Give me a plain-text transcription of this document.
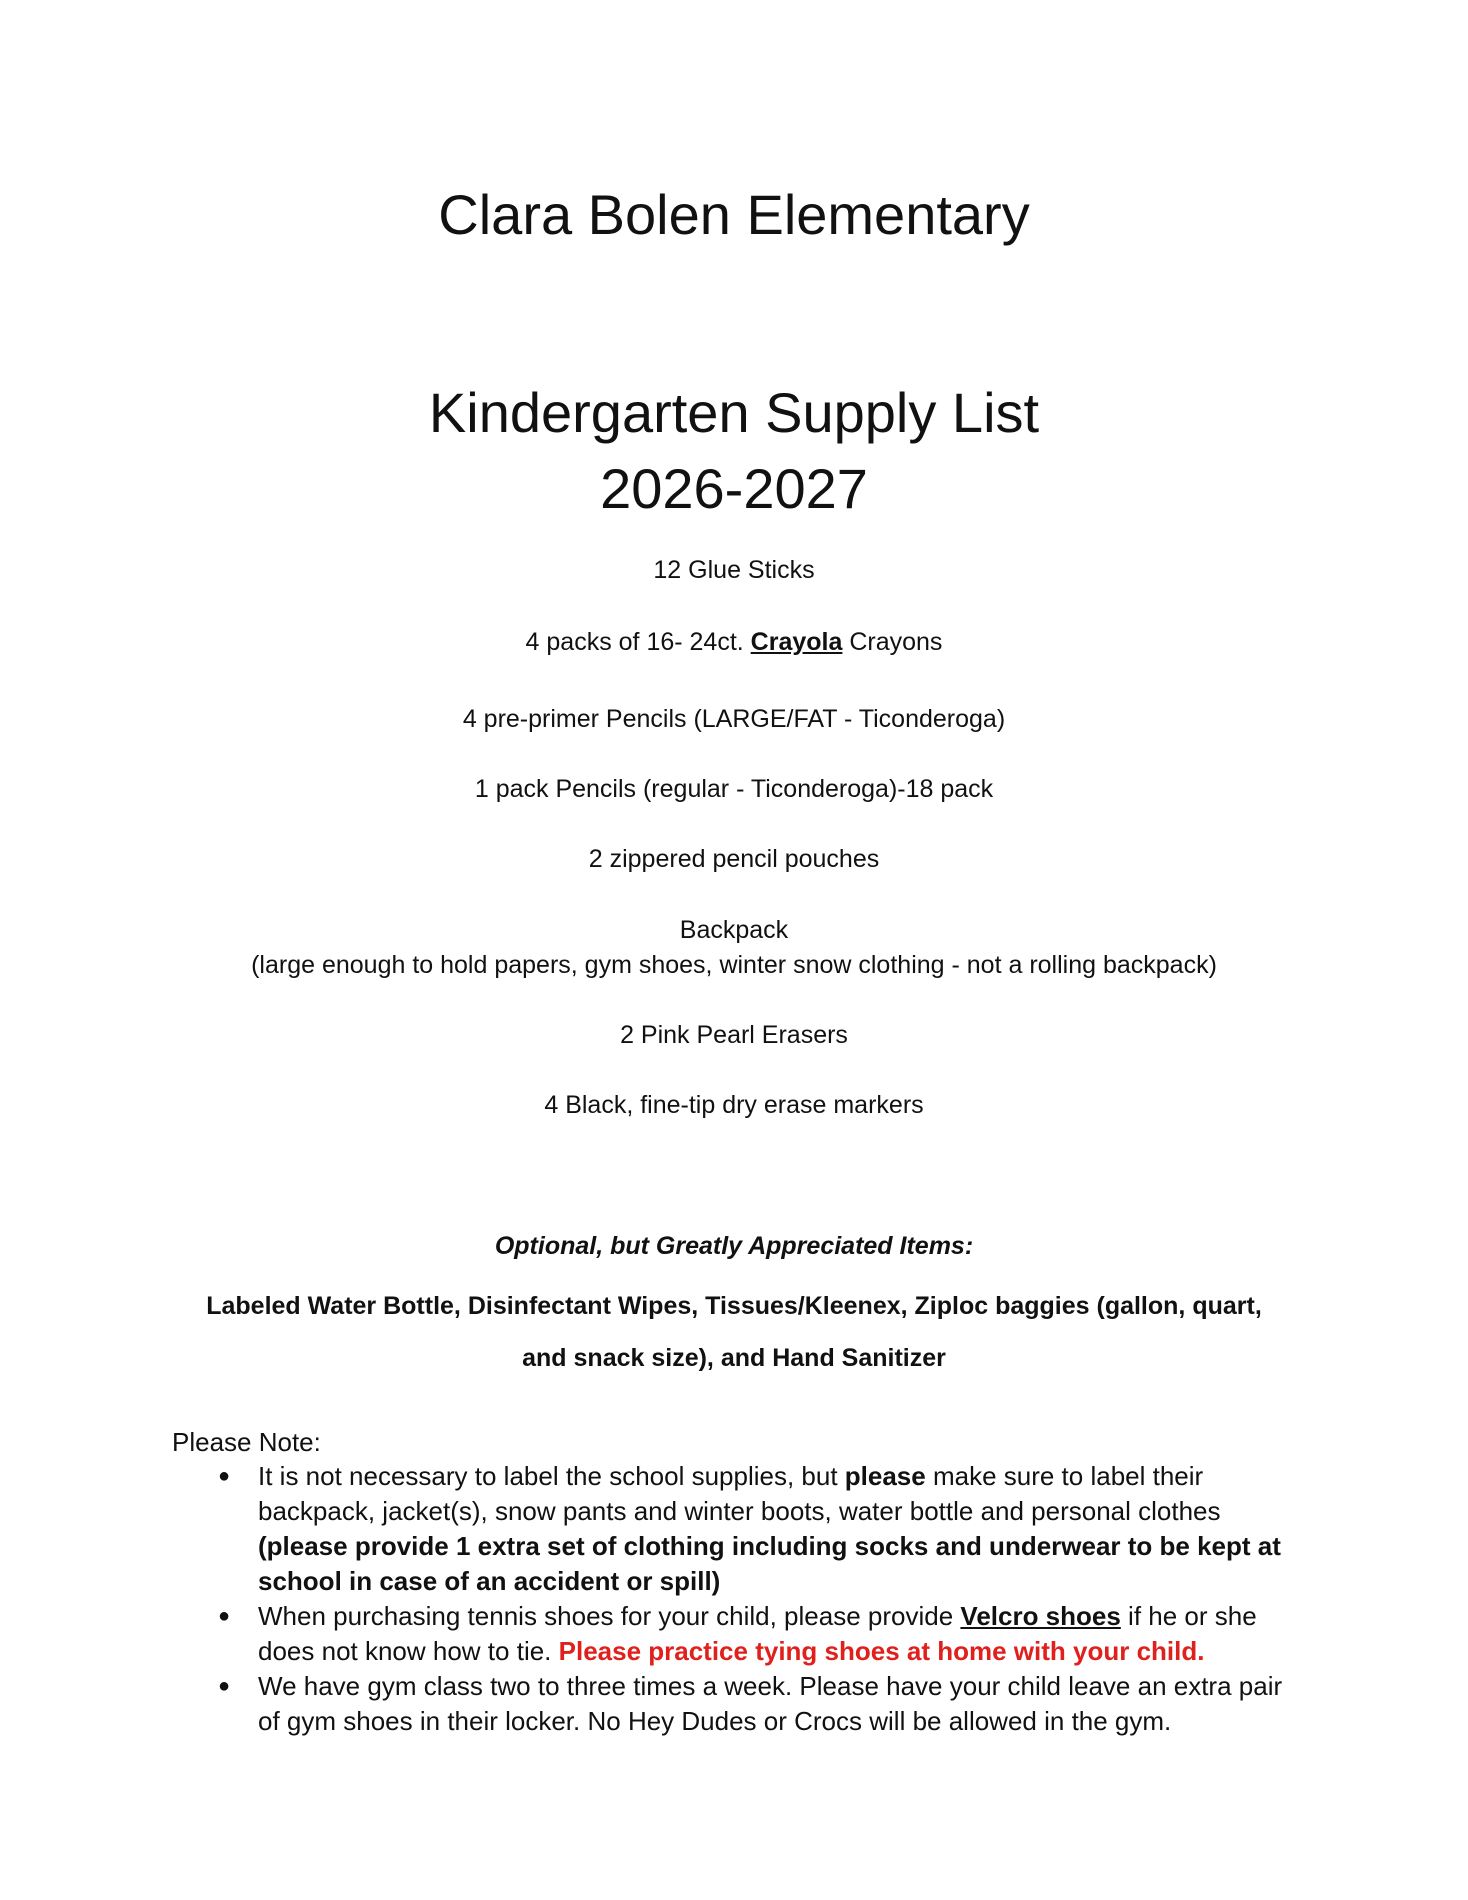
Clara Bolen Elementary
Kindergarten Supply List
2026-2027
12 Glue Sticks
4 packs of 16- 24ct. Crayola Crayons
4 pre-primer Pencils (LARGE/FAT - Ticonderoga)
1 pack Pencils (regular - Ticonderoga)-18 pack
2 zippered pencil pouches
Backpack
(large enough to hold papers, gym shoes, winter snow clothing - not a rolling backpack)
2 Pink Pearl Erasers
4 Black, fine-tip dry erase markers
Optional, but Greatly Appreciated Items:
Labeled Water Bottle, Disinfectant Wipes, Tissues/Kleenex, Ziploc baggies (gallon, quart,
and snack size), and Hand Sanitizer
Please Note:
● It is not necessary to label the school supplies, but please make sure to label their backpack, jacket(s), snow pants and winter boots, water bottle and personal clothes (please provide 1 extra set of clothing including socks and underwear to be kept at school in case of an accident or spill)
● When purchasing tennis shoes for your child, please provide Velcro shoes if he or she does not know how to tie. Please practice tying shoes at home with your child.
● We have gym class two to three times a week. Please have your child leave an extra pair of gym shoes in their locker. No Hey Dudes or Crocs will be allowed in the gym.
